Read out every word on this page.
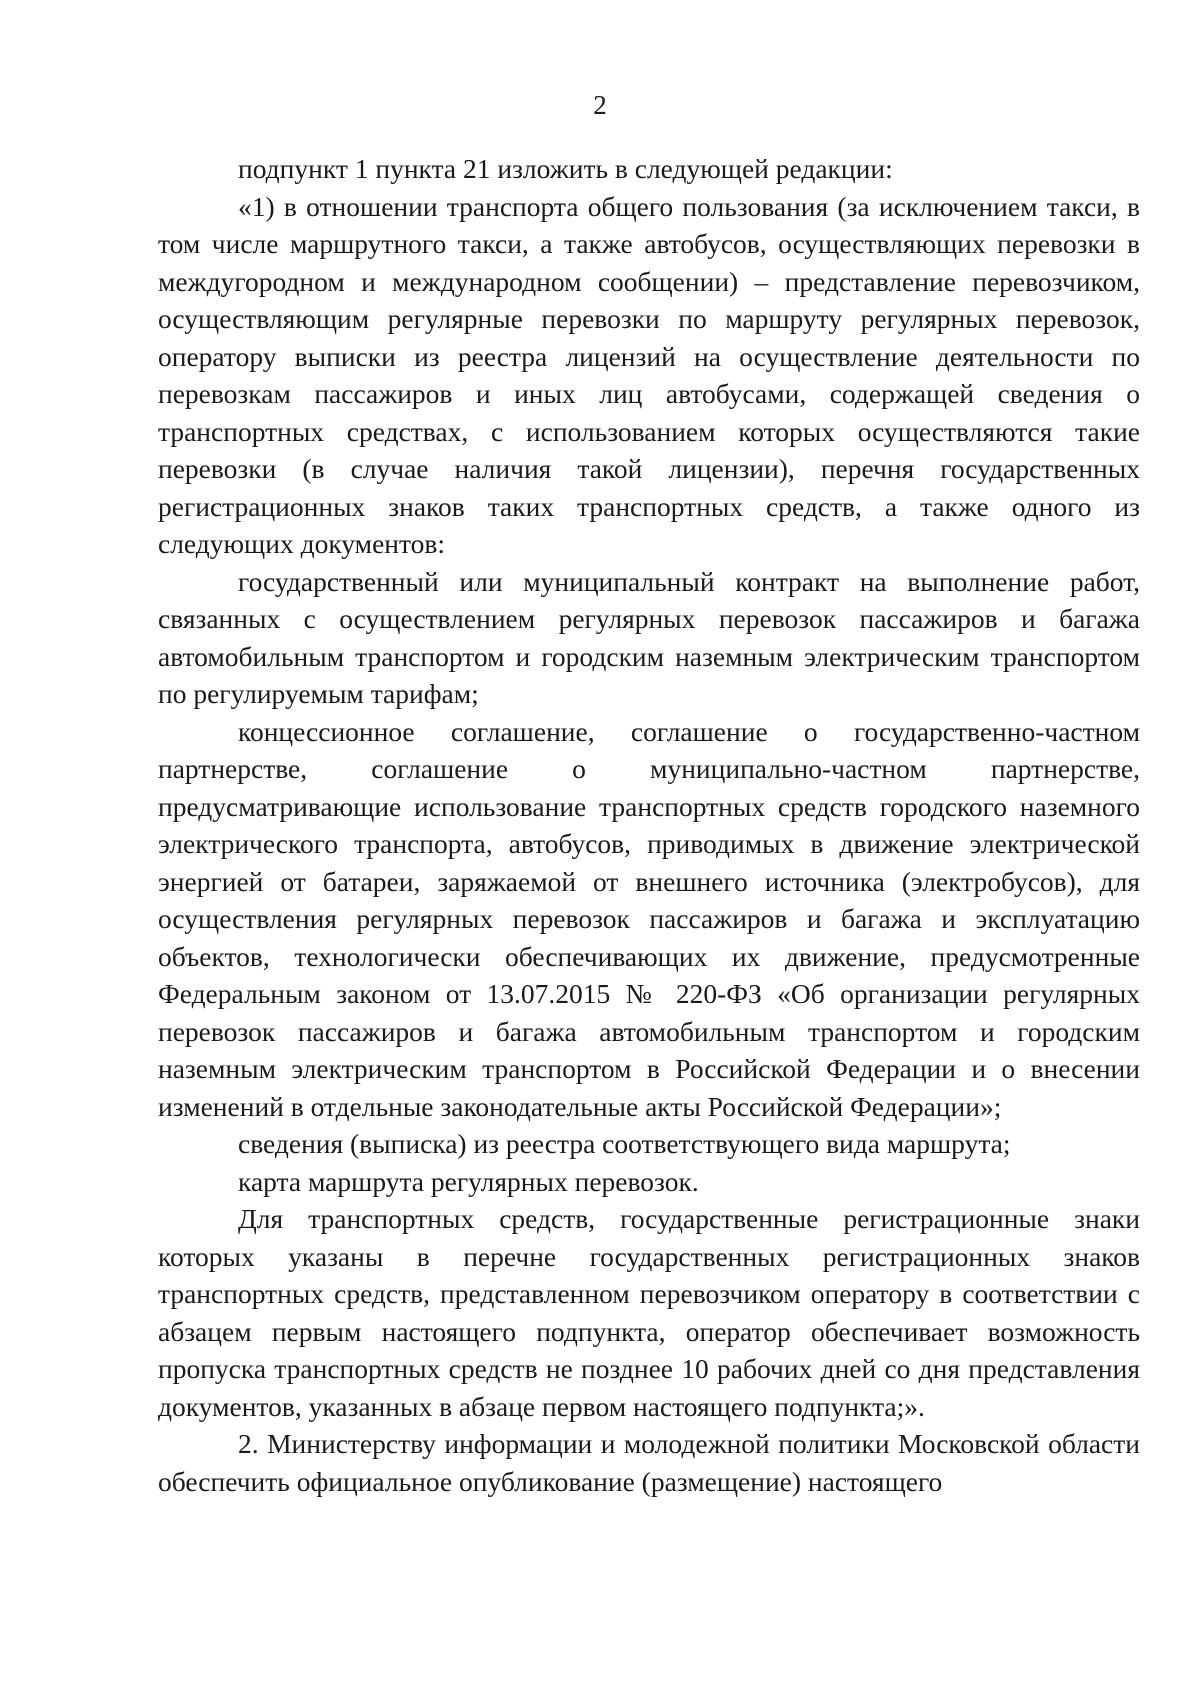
2

подпункт 1 пункта 21 изложить в следующей редакции:

«1) в отношении транспорта общего пользования (за исключением такси, в том числе маршрутного такси, а также автобусов, осуществляющих перевозки в междугородном и международном сообщении) – представление перевозчиком, осуществляющим регулярные перевозки по маршруту регулярных перевозок, оператору выписки из реестра лицензий на осуществление деятельности по перевозкам пассажиров и иных лиц автобусами, содержащей сведения о транспортных средствах, с использованием которых осуществляются такие перевозки (в случае наличия такой лицензии), перечня государственных регистрационных знаков таких транспортных средств, а также одного из следующих документов:

государственный или муниципальный контракт на выполнение работ, связанных с осуществлением регулярных перевозок пассажиров и багажа автомобильным транспортом и городским наземным электрическим транспортом по регулируемым тарифам;

концессионное соглашение, соглашение о государственно-частном партнерстве, соглашение о муниципально-частном партнерстве, предусматривающие использование транспортных средств городского наземного электрического транспорта, автобусов, приводимых в движение электрической энергией от батареи, заряжаемой от внешнего источника (электробусов), для осуществления регулярных перевозок пассажиров и багажа и эксплуатацию объектов, технологически обеспечивающих их движение, предусмотренные Федеральным законом от 13.07.2015 № 220-ФЗ «Об организации регулярных перевозок пассажиров и багажа автомобильным транспортом и городским наземным электрическим транспортом в Российской Федерации и о внесении изменений в отдельные законодательные акты Российской Федерации»;

сведения (выписка) из реестра соответствующего вида маршрута;

карта маршрута регулярных перевозок.

Для транспортных средств, государственные регистрационные знаки которых указаны в перечне государственных регистрационных знаков транспортных средств, представленном перевозчиком оператору в соответствии с абзацем первым настоящего подпункта, оператор обеспечивает возможность пропуска транспортных средств не позднее 10 рабочих дней со дня представления документов, указанных в абзаце первом настоящего подпункта;».

2. Министерству информации и молодежной политики Московской области обеспечить официальное опубликование (размещение) настоящего
